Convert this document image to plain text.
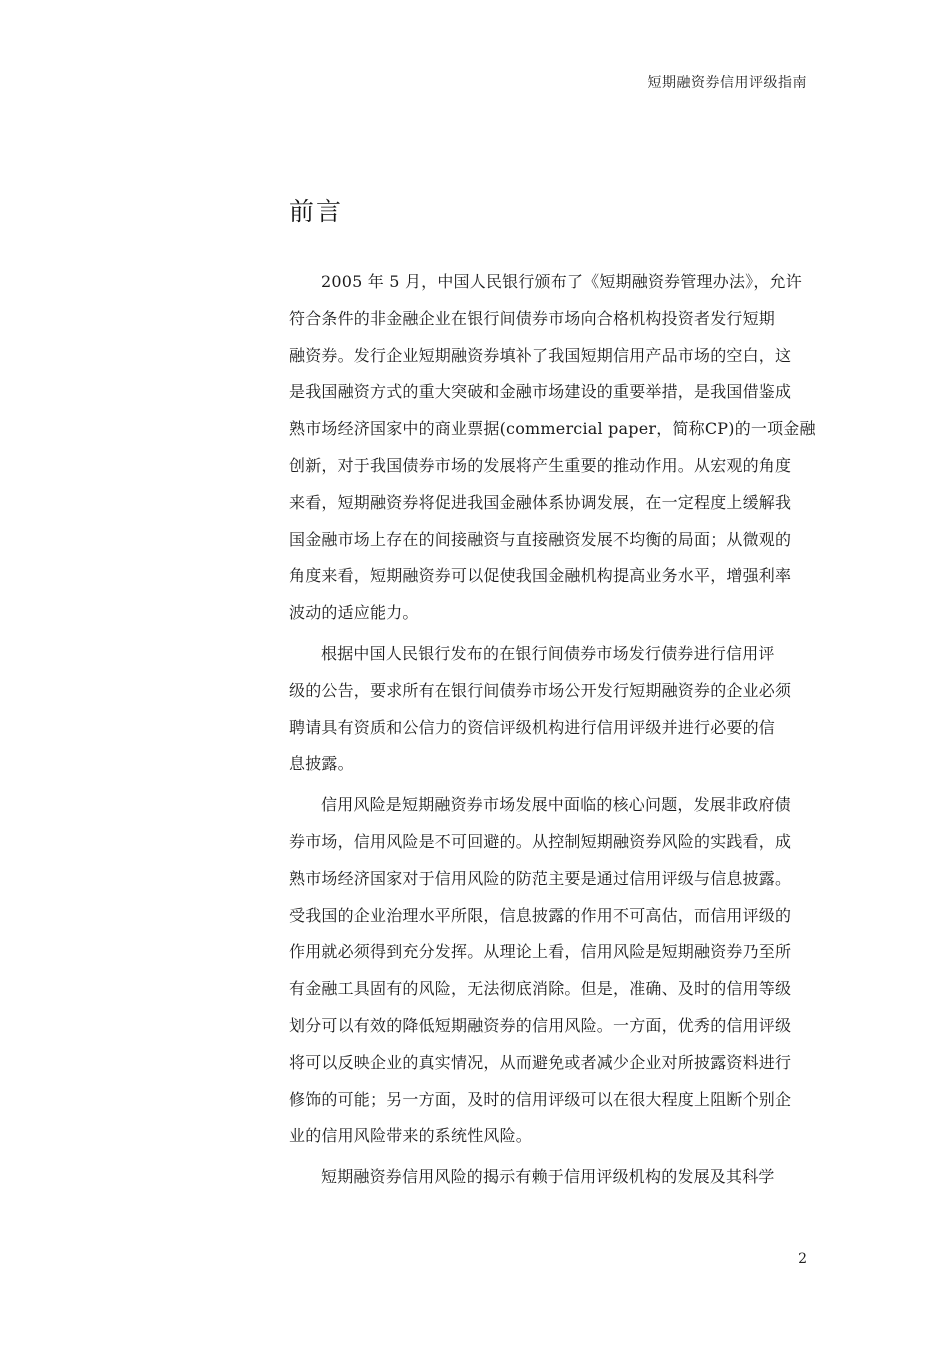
短期融资券信用评级指南
前言
2005 年 5 月，中国人民银行颁布了《短期融资券管理办法》，允许
符合条件的非金融企业在银行间债券市场向合格机构投资者发行短期
融资券。发行企业短期融资券填补了我国短期信用产品市场的空白，这
是我国融资方式的重大突破和金融市场建设的重要举措，是我国借鉴成
熟市场经济国家中的商业票据(commercial paper，简称CP)的一项金融
创新，对于我国债券市场的发展将产生重要的推动作用。从宏观的角度
来看，短期融资券将促进我国金融体系协调发展，在一定程度上缓解我
国金融市场上存在的间接融资与直接融资发展不均衡的局面；从微观的
角度来看，短期融资券可以促使我国金融机构提高业务水平，增强利率
波动的适应能力。
根据中国人民银行发布的在银行间债券市场发行债券进行信用评
级的公告，要求所有在银行间债券市场公开发行短期融资券的企业必须
聘请具有资质和公信力的资信评级机构进行信用评级并进行必要的信
息披露。
信用风险是短期融资券市场发展中面临的核心问题，发展非政府债
券市场，信用风险是不可回避的。从控制短期融资券风险的实践看，成
熟市场经济国家对于信用风险的防范主要是通过信用评级与信息披露。
受我国的企业治理水平所限，信息披露的作用不可高估，而信用评级的
作用就必须得到充分发挥。从理论上看，信用风险是短期融资券乃至所
有金融工具固有的风险，无法彻底消除。但是，准确、及时的信用等级
划分可以有效的降低短期融资券的信用风险。一方面，优秀的信用评级
将可以反映企业的真实情况，从而避免或者减少企业对所披露资料进行
修饰的可能；另一方面，及时的信用评级可以在很大程度上阻断个别企
业的信用风险带来的系统性风险。
短期融资券信用风险的揭示有赖于信用评级机构的发展及其科学
2
